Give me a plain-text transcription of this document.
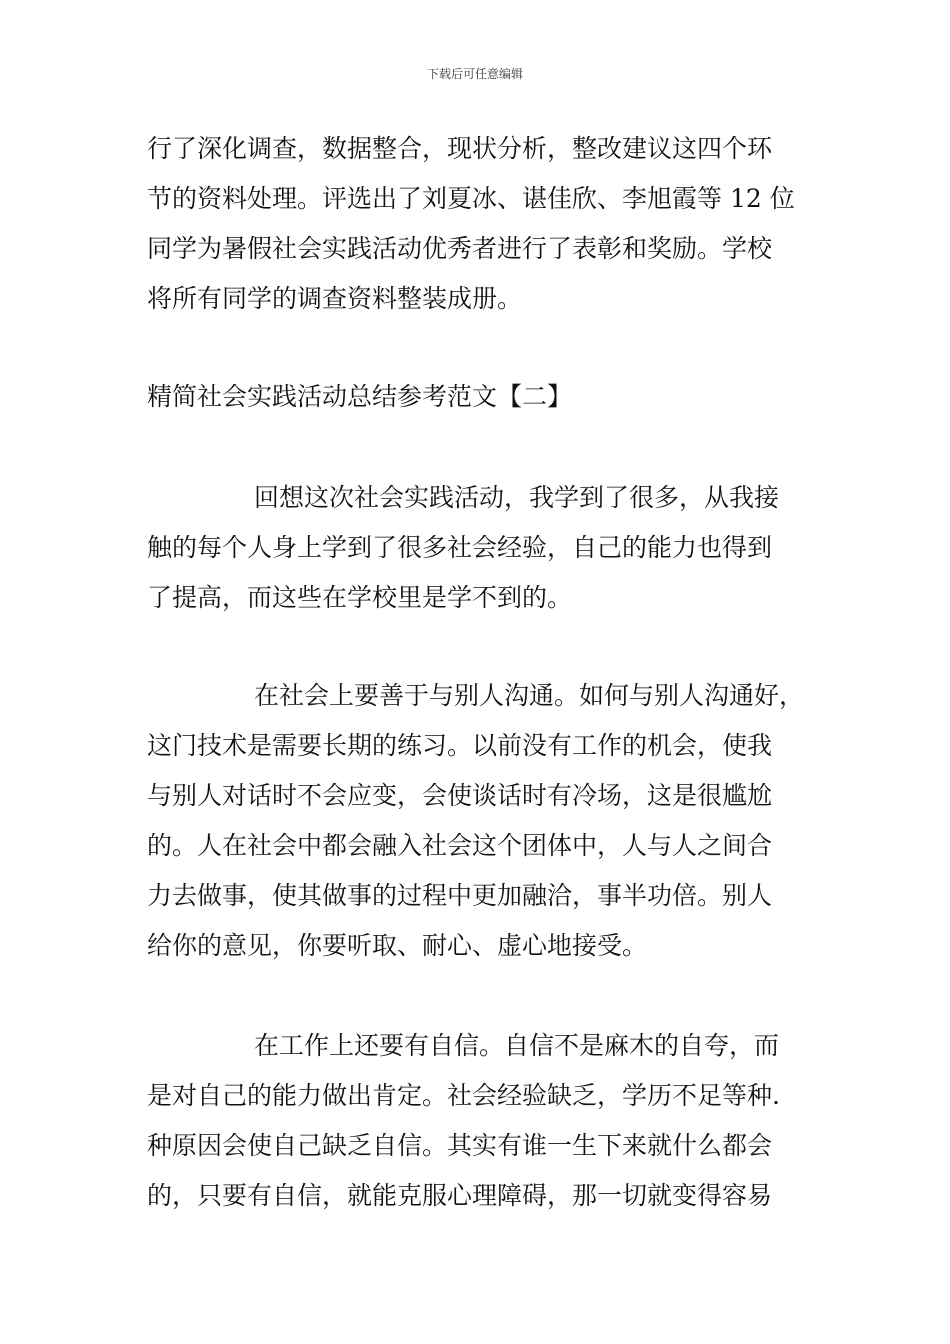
下载后可任意编辑
行了深化调查，数据整合，现状分析，整改建议这四个环
节的资料处理。评选出了刘夏冰、谌佳欣、李旭霞等 12 位
同学为暑假社会实践活动优秀者进行了表彰和奖励。学校
将所有同学的调查资料整装成册。
精简社会实践活动总结参考范文【二】
回想这次社会实践活动，我学到了很多，从我接
触的每个人身上学到了很多社会经验，自己的能力也得到
了提高，而这些在学校里是学不到的。
在社会上要善于与别人沟通。如何与别人沟通好，
这门技术是需要长期的练习。以前没有工作的机会，使我
与别人对话时不会应变，会使谈话时有冷场，这是很尴尬
的。人在社会中都会融入社会这个团体中，人与人之间合
力去做事，使其做事的过程中更加融洽，事半功倍。别人
给你的意见，你要听取、耐心、虚心地接受。
在工作上还要有自信。自信不是麻木的自夸，而
是对自己的能力做出肯定。社会经验缺乏，学历不足等种.
种原因会使自己缺乏自信。其实有谁一生下来就什么都会
的，只要有自信，就能克服心理障碍，那一切就变得容易
